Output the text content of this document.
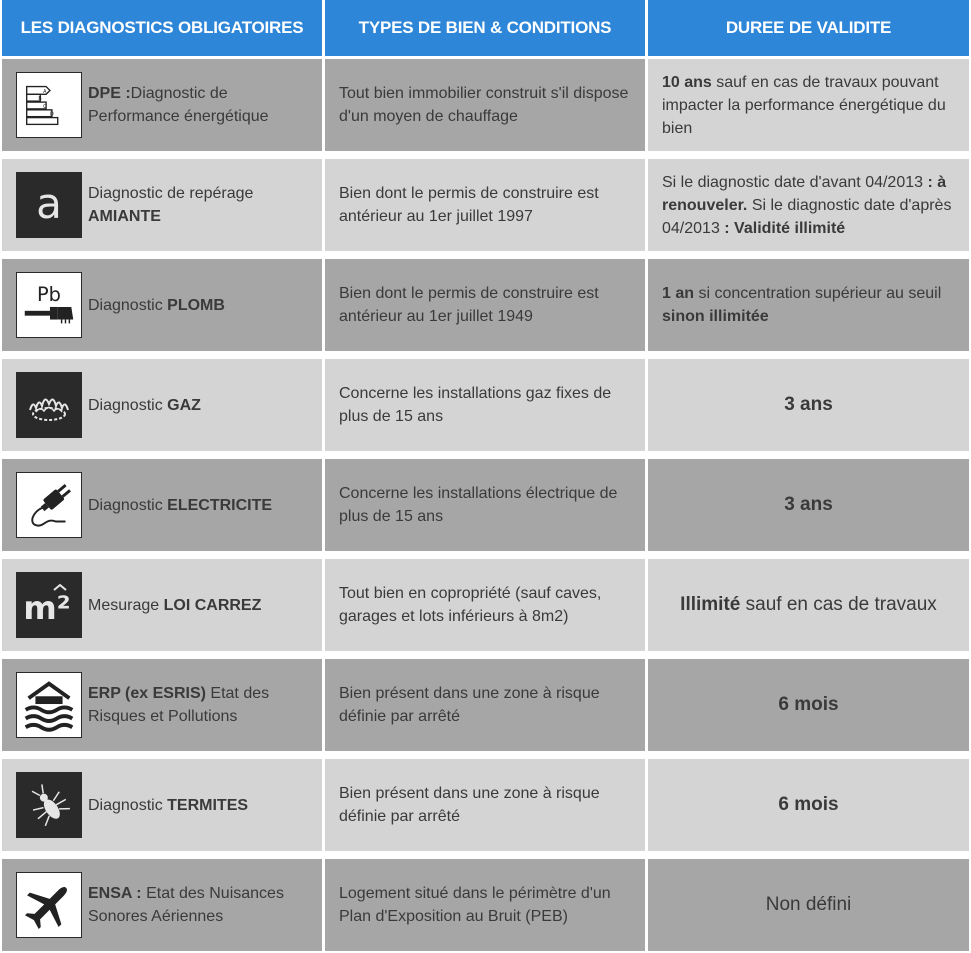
LES DIAGNOSTICS OBLIGATOIRES	TYPES DE BIEN & CONDITIONS	DUREE DE VALIDITE
A
B
C
D
DPE :Diagnostic de Performance énergétique
Tout bien immobilier construit s'il dispose d'un moyen de chauffage
10 ans sauf en cas de travaux pouvant impacter la performance énergétique du bien
a Diagnostic de repérage
AMIANTE
Bien dont le permis de construire est antérieur au 1er juillet 1997
Si le diagnostic date d'avant 04/2013 : à renouveler. Si le diagnostic date d'après 04/2013 : Validité illimité
Pb Diagnostic PLOMB
Bien dont le permis de construire est antérieur au 1er juillet 1949
1 an si concentration supérieur au seuil sinon illimitée
Diagnostic GAZ
Concerne les installations gaz fixes de plus de 15 ans
3 ans
Diagnostic ELECTRICITE
Concerne les installations électrique de plus de 15 ans
3 ans
m² Mesurage LOI CARREZ
Tout bien en copropriété (sauf caves, garages et lots inférieurs à 8m2)
Illimité sauf en cas de travaux
ERP (ex ESRIS) Etat des Risques et Pollutions
Bien présent dans une zone à risque définie par arrêté
6 mois
Diagnostic TERMITES
Bien présent dans une zone à risque définie par arrêté
6 mois
ENSA : Etat des Nuisances Sonores Aériennes
Logement situé dans le périmètre d'un Plan d'Exposition au Bruit (PEB)
Non défini
